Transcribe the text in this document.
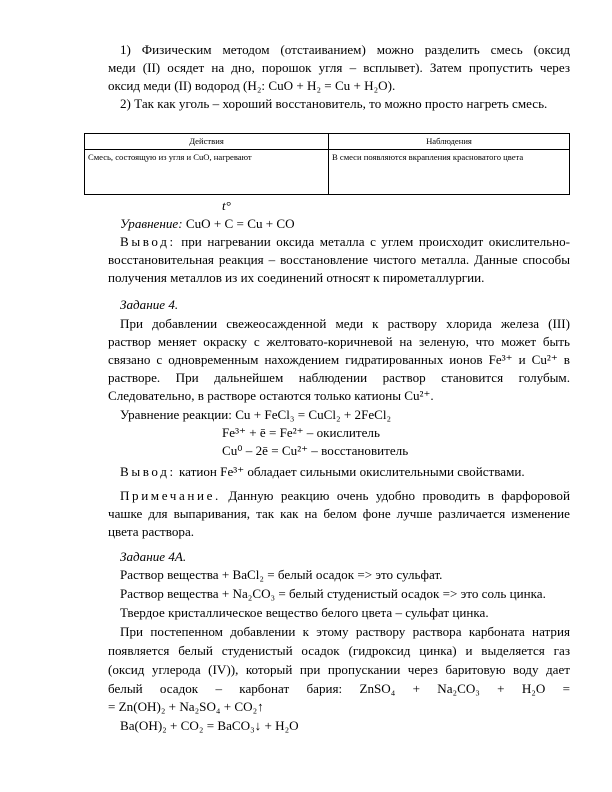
1) Физическим методом (отстаиванием) можно разделить смесь (оксид

меди (II) осядет на дно, порошок угля – всплывет). Затем пропустить через

оксид меди (II) водород (H₂: CuO + H₂ = Cu + H₂O).

2) Так как уголь – хороший восстановитель, то можно просто нагреть смесь.

Действия	Наблюдения
Смесь, состоящую из угля и CuO, нагревают	В смеси появляются вкрапления красноватого цвета
t°

Уравнение: CuO + C = Cu + CO

Вывод: при нагревании оксида металла с углем происходит окислительно-

восстановительная реакция – восстановление чистого металла. Данные способы

получения металлов из их соединений относят к пирометаллургии.

Задание 4.

При добавлении свежеосажденной меди к раствору хлорида железа (III)

раствор меняет окраску с желтовато-коричневой на зеленую, что может быть

связано с одновременным нахождением гидратированных ионов Fe³⁺ и Cu²⁺ в

растворе. При дальнейшем наблюдении раствор становится голубым.

Следовательно, в растворе остаются только катионы Cu²⁺.

Уравнение реакции: Cu + FeCl₃ = CuCl₂ + 2FeCl₂

Fe³⁺ + ē = Fe²⁺ – окислитель

Cu⁰ – 2ē = Cu²⁺ – восстановитель

Вывод: катион Fe³⁺ обладает сильными окислительными свойствами.

Примечание. Данную реакцию очень удобно проводить в фарфоровой

чашке для выпаривания, так как на белом фоне лучше различается изменение

цвета раствора.

Задание 4А.

Раствор вещества + BaCl₂ = белый осадок => это сульфат.

Раствор вещества + Na₂CO₃ = белый студенистый осадок => это соль цинка.

Твердое кристаллическое вещество белого цвета – сульфат цинка.

При постепенном добавлении к этому раствору раствора карбоната натрия

появляется белый студенистый осадок (гидроксид цинка) и выделяется газ

(оксид углерода (IV)), который при пропускании через баритовую воду дает

белый осадок – карбонат бария: ZnSO₄ + Na₂CO₃ + H₂O =

= Zn(OH)₂ + Na₂SO₄ + CO₂↑

Ba(OH)₂ + CO₂ = BaCO₃↓ + H₂O
